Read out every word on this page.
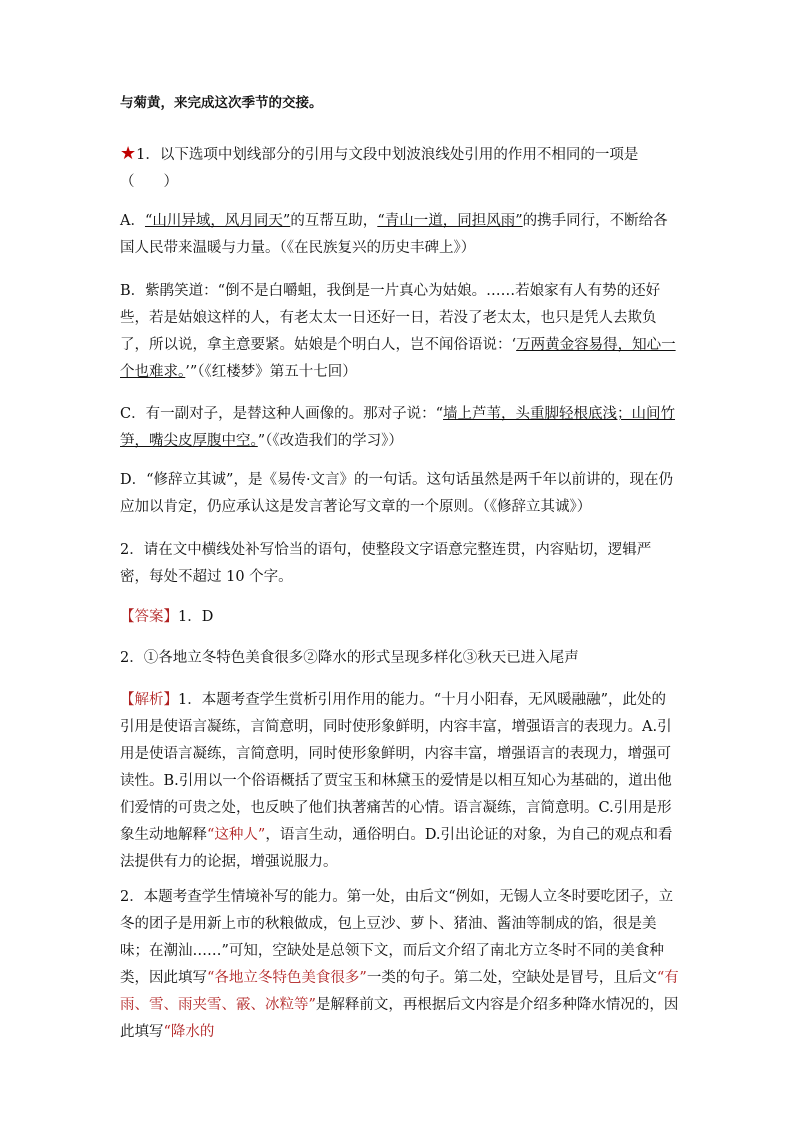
与菊黄，来完成这次季节的交接。

★1．以下选项中划线部分的引用与文段中划波浪线处引用的作用不相同的一项是
（　　）

A．“山川异域，风月同天”的互帮互助，“青山一道，同担风雨”的携手同行，不断给各国人民带来温暖与力量。（《在民族复兴的历史丰碑上》）

B．紫鹃笑道：“倒不是白嚼蛆，我倒是一片真心为姑娘。……若娘家有人有势的还好些，若是姑娘这样的人，有老太太一日还好一日，若没了老太太，也只是凭人去欺负了，所以说，拿主意要紧。姑娘是个明白人，岂不闻俗语说：‘万两黄金容易得，知心一个也难求。’”（《红楼梦》第五十七回）

C．有一副对子，是替这种人画像的。那对子说：“墙上芦苇，头重脚轻根底浅；山间竹笋，嘴尖皮厚腹中空。”（《改造我们的学习》）

D．“修辞立其诚”，是《易传·文言》的一句话。这句话虽然是两千年以前讲的，现在仍应加以肯定，仍应承认这是发言著论写文章的一个原则。（《修辞立其诚》）

2．请在文中横线处补写恰当的语句，使整段文字语意完整连贯，内容贴切，逻辑严密，每处不超过 10 个字。

【答案】1．D

2．①各地立冬特色美食很多②降水的形式呈现多样化③秋天已进入尾声

【解析】1．本题考查学生赏析引用作用的能力。“十月小阳春，无风暖融融”，此处的引用是使语言凝练，言简意明，同时使形象鲜明，内容丰富，增强语言的表现力。A.引用是使语言凝练，言简意明，同时使形象鲜明，内容丰富，增强语言的表现力，增强可读性。B.引用以一个俗语概括了贾宝玉和林黛玉的爱情是以相互知心为基础的，道出他们爱情的可贵之处，也反映了他们执著痛苦的心情。语言凝练，言简意明。C.引用是形象生动地解释“这种人”，语言生动，通俗明白。D.引出论证的对象，为自己的观点和看法提供有力的论据，增强说服力。

2．本题考查学生情境补写的能力。第一处，由后文“例如，无锡人立冬时要吃团子，立冬的团子是用新上市的秋粮做成，包上豆沙、萝卜、猪油、酱油等制成的馅，很是美味；在潮汕……”可知，空缺处是总领下文，而后文介绍了南北方立冬时不同的美食种类，因此填写“各地立冬特色美食很多”一类的句子。第二处，空缺处是冒号，且后文“有雨、雪、雨夹雪、霰、冰粒等”是解释前文，再根据后文内容是介绍多种降水情况的，因此填写“降水的
